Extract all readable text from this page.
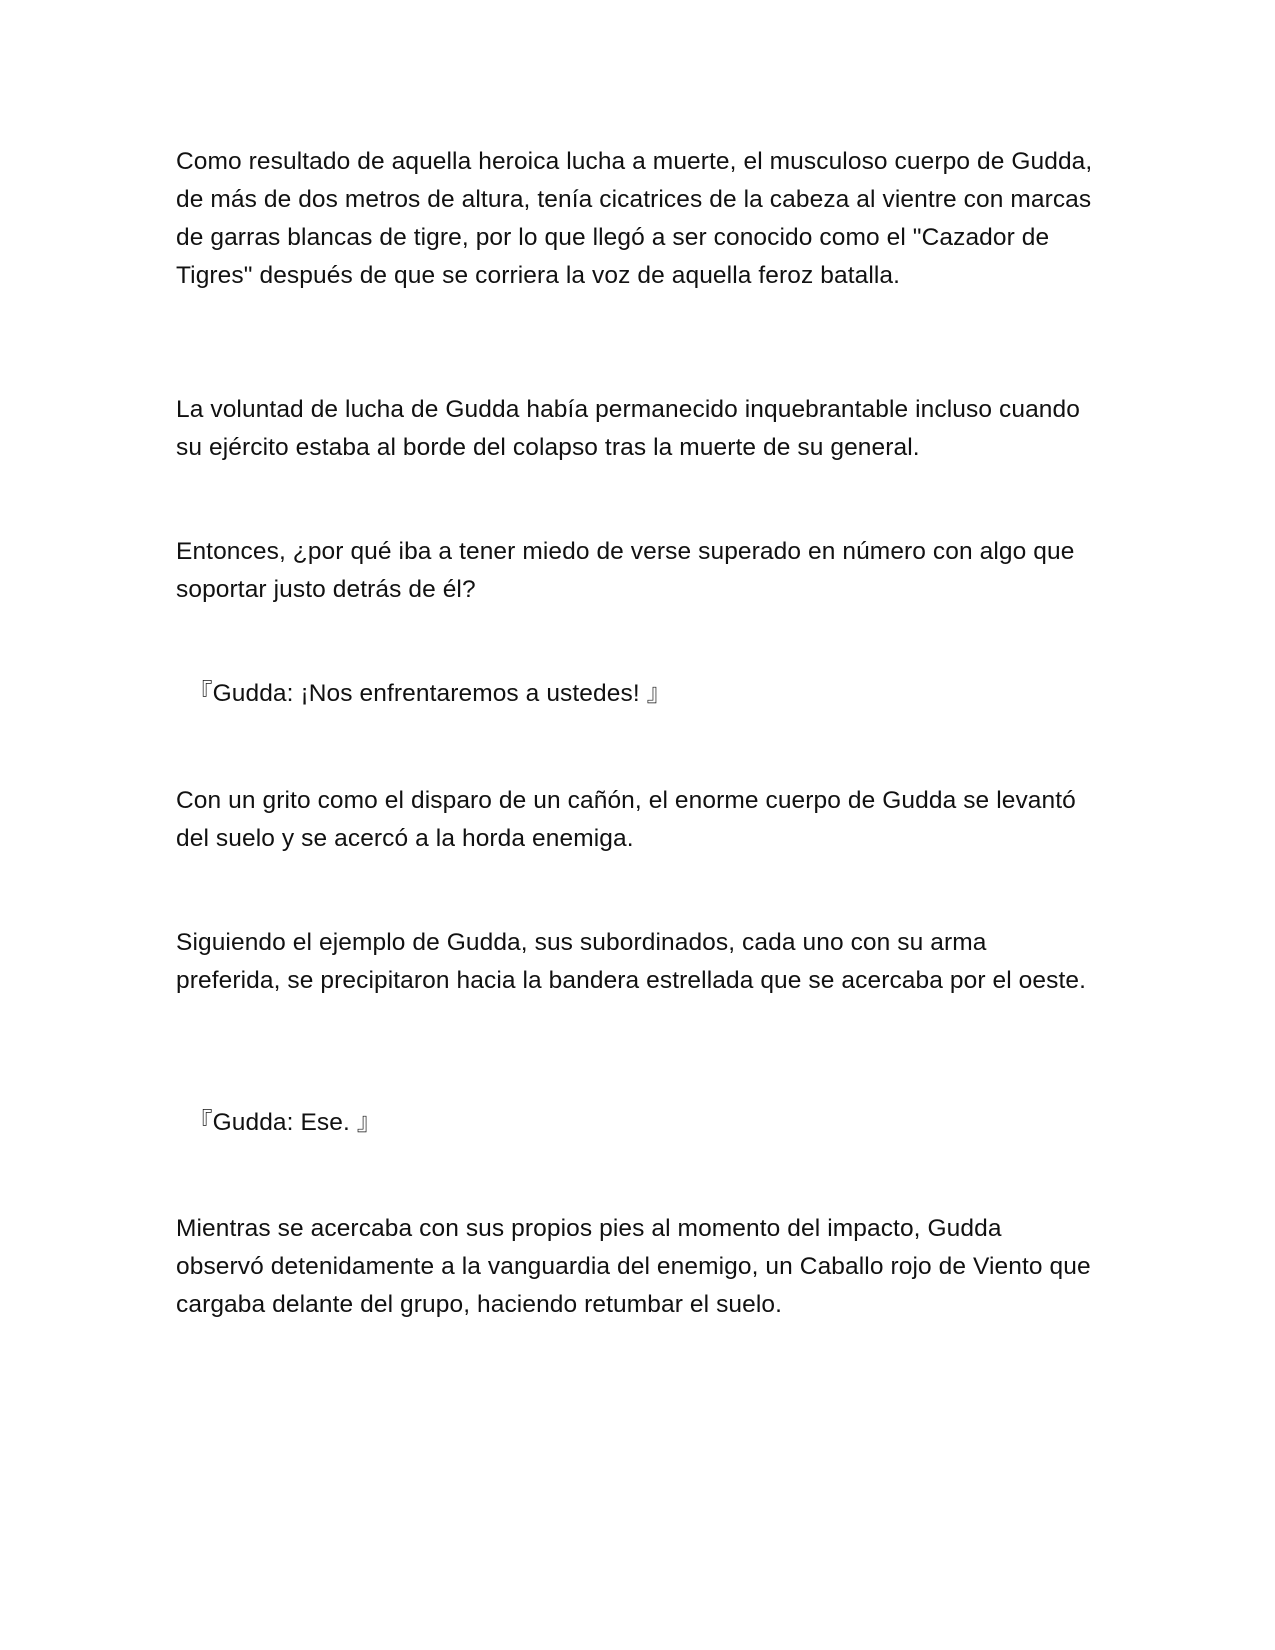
Como resultado de aquella heroica lucha a muerte, el musculoso cuerpo de Gudda, de más de dos metros de altura, tenía cicatrices de la cabeza al vientre con marcas de garras blancas de tigre, por lo que llegó a ser conocido como el "Cazador de Tigres" después de que se corriera la voz de aquella feroz batalla.

La voluntad de lucha de Gudda había permanecido inquebrantable incluso cuando su ejército estaba al borde del colapso tras la muerte de su general.

Entonces, ¿por qué iba a tener miedo de verse superado en número con algo que soportar justo detrás de él?

『Gudda: ¡Nos enfrentaremos a ustedes! 』

Con un grito como el disparo de un cañón, el enorme cuerpo de Gudda se levantó del suelo y se acercó a la horda enemiga.

Siguiendo el ejemplo de Gudda, sus subordinados, cada uno con su arma preferida, se precipitaron hacia la bandera estrellada que se acercaba por el oeste.

『Gudda: Ese. 』

Mientras se acercaba con sus propios pies al momento del impacto, Gudda observó detenidamente a la vanguardia del enemigo, un Caballo rojo de Viento que cargaba delante del grupo, haciendo retumbar el suelo.
